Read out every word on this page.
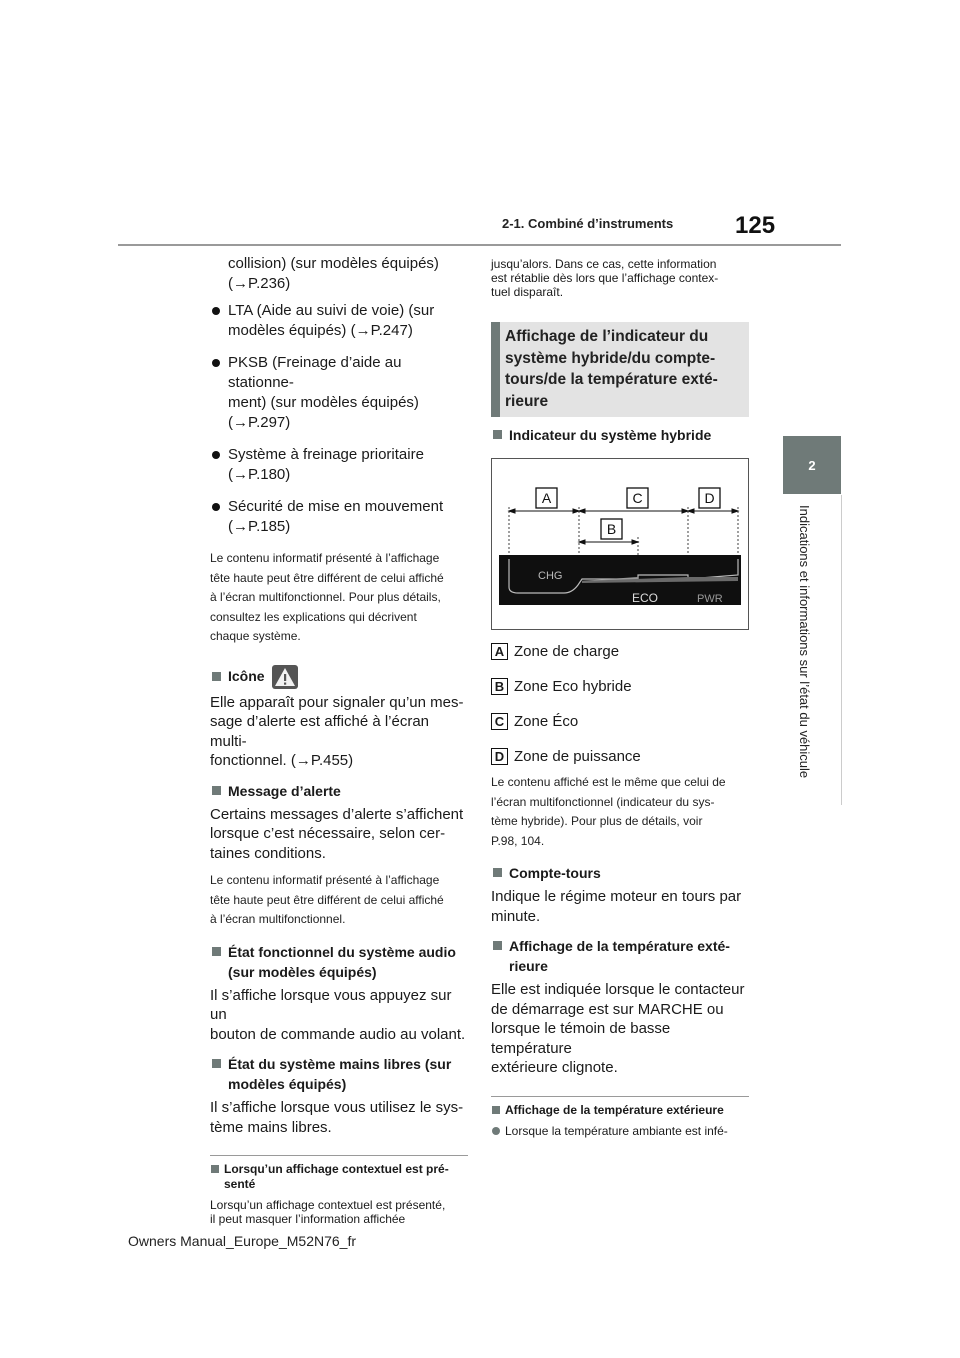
2-1. Combiné d’instruments	125
2
Indications et informations sur l’état du véhicule

collision) (sur modèles équipés)

(→P.236)

LTA (Aide au suivi de voie) (sur
modèles équipés) (→P.247)
PKSB (Freinage d’aide au stationne-
ment) (sur modèles équipés)
(→P.297)
Système à freinage prioritaire
(→P.180)
Sécurité de mise en mouvement
(→P.185)

Le contenu informatif présenté à l’affichage

tête haute peut être différent de celui affiché

à l’écran multifonctionnel. Pour plus détails,

consultez les explications qui décrivent

chaque système.

Icône

Elle apparaît pour signaler qu’un mes-

sage d’alerte est affiché à l’écran multi-

fonctionnel. (→P.455)

Message d’alerte

Certains messages d’alerte s’affichent

lorsque c’est nécessaire, selon cer-

taines conditions.

Le contenu informatif présenté à l’affichage

tête haute peut être différent de celui affiché

à l’écran multifonctionnel.

État fonctionnel du système audio
(sur modèles équipés)

Il s’affiche lorsque vous appuyez sur un

bouton de commande audio au volant.

État du système mains libres (sur
modèles équipés)

Il s’affiche lorsque vous utilisez le sys-

tème mains libres.

Lorsqu’un affichage contextuel est pré-
senté

Lorsqu’un affichage contextuel est présenté,

il peut masquer l’information affichée

jusqu’alors. Dans ce cas, cette information

est rétablie dès lors que l’affichage contex-

tuel disparaît.

Affichage de l’indicateur du
système hybride/du compte-
tours/de la température exté-
rieure
Indicateur du système hybride
A	C	D
B
CHG
ECO	PWR
A Zone de charge
B Zone Eco hybride
C Zone Éco
D Zone de puissance

Le contenu affiché est le même que celui de

l’écran multifonctionnel (indicateur du sys-

tème hybride). Pour plus de détails, voir

P.98, 104.

Compte-tours

Indique le régime moteur en tours par

minute.

Affichage de la température exté-
rieure

Elle est indiquée lorsque le contacteur

de démarrage est sur MARCHE ou

lorsque le témoin de basse température

extérieure clignote.

Affichage de la température extérieure
Lorsque la température ambiante est infé-
Owners Manual_Europe_M52N76_fr
